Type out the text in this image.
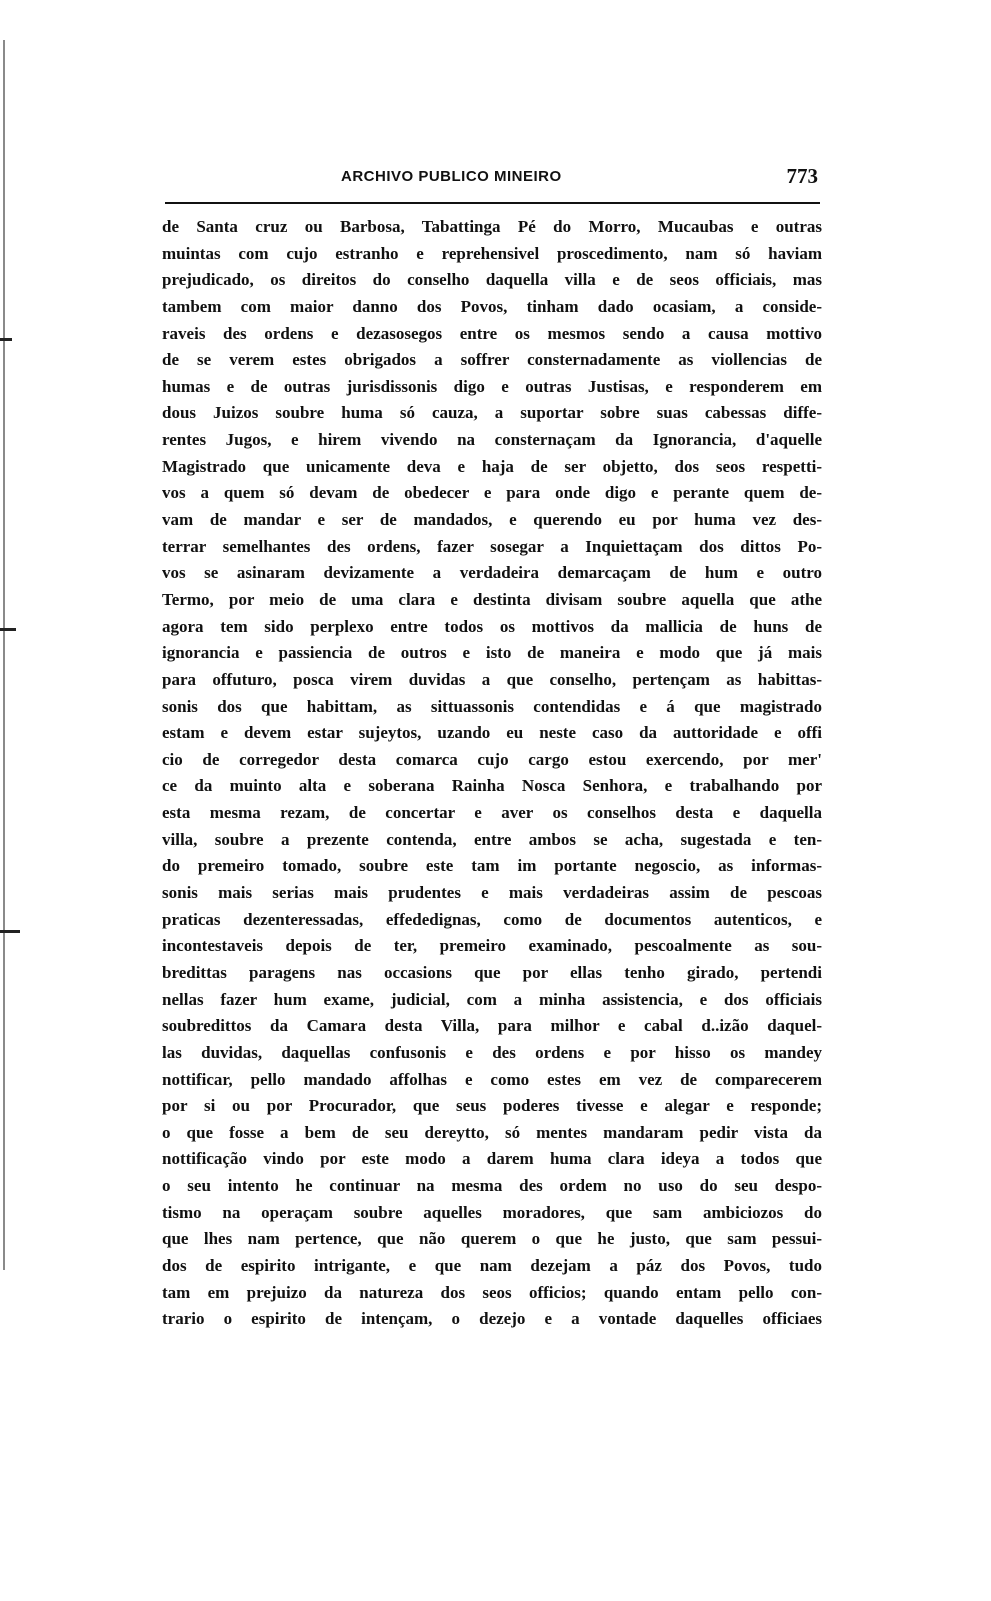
ARCHIVO PUBLICO MINEIRO	773
de Santa cruz ou Barbosa, Tabattinga Pé do Morro, Mucaubas e outras
muintas com cujo estranho e reprehensivel proscedimento, nam só haviam
prejudicado, os direitos do conselho daquella villa e de seos officiais, mas
tambem com maior danno dos Povos, tinham dado ocasiam, a conside-
raveis des ordens e dezasosegos entre os mesmos sendo a causa mottivo
de se verem estes obrigados a soffrer consternadamente as viollencias de
humas e de outras jurisdissonis digo e outras Justisas, e responderem em
dous Juizos soubre huma só cauza, a suportar sobre suas cabessas diffe-
rentes Jugos, e hirem vivendo na consternaçam da Ignorancia, d'aquelle
Magistrado que unicamente deva e haja de ser objetto, dos seos respetti-
vos a quem só devam de obedecer e para onde digo e perante quem de-
vam de mandar e ser de mandados, e querendo eu por huma vez des-
terrar semelhantes des ordens, fazer sosegar a Inquiettaçam dos dittos Po-
vos se asinaram devizamente a verdadeira demarcaçam de hum e outro
Termo, por meio de uma clara e destinta divisam soubre aquella que athe
agora tem sido perplexo entre todos os mottivos da mallicia de huns de
ignorancia e passiencia de outros e isto de maneira e modo que já mais
para offuturo, posca virem duvidas a que conselho, pertençam as habittas-
sonis dos que habittam, as sittuassonis contendidas e á que magistrado
estam e devem estar sujeytos, uzando eu neste caso da auttoridade e offi
cio de corregedor desta comarca cujo cargo estou exercendo, por mer'
ce da muinto alta e soberana Rainha Nosca Senhora, e trabalhando por
esta mesma rezam, de concertar e aver os conselhos desta e daquella
villa, soubre a prezente contenda, entre ambos se acha, sugestada e ten-
do premeiro tomado, soubre este tam im portante negoscio, as informas-
sonis mais serias mais prudentes e mais verdadeiras assim de pescoas
praticas dezenteressadas, effededignas, como de documentos autenticos, e
incontestaveis depois de ter, premeiro examinado, pescoalmente as sou-
bredittas paragens nas occasions que por ellas tenho girado, pertendi
nellas fazer hum exame, judicial, com a minha assistencia, e dos officiais
soubredittos da Camara desta Villa, para milhor e cabal d..izão daquel-
las duvidas, daquellas confusonis e des ordens e por hisso os mandey
nottificar, pello mandado affolhas e como estes em vez de comparecerem
por si ou por Procurador, que seus poderes tivesse e alegar e responde;
o que fosse a bem de seu dereytto, só mentes mandaram pedir vista da
nottificação vindo por este modo a darem huma clara ideya a todos que
o seu intento he continuar na mesma des ordem no uso do seu despo-
tismo na operaçam soubre aquelles moradores, que sam ambiciozos do
que lhes nam pertence, que não querem o que he justo, que sam pessui-
dos de espirito intrigante, e que nam dezejam a páz dos Povos, tudo
tam em prejuizo da natureza dos seos officios; quando entam pello con-
trario o espirito de intençam, o dezejo e a vontade daquelles officiaes
